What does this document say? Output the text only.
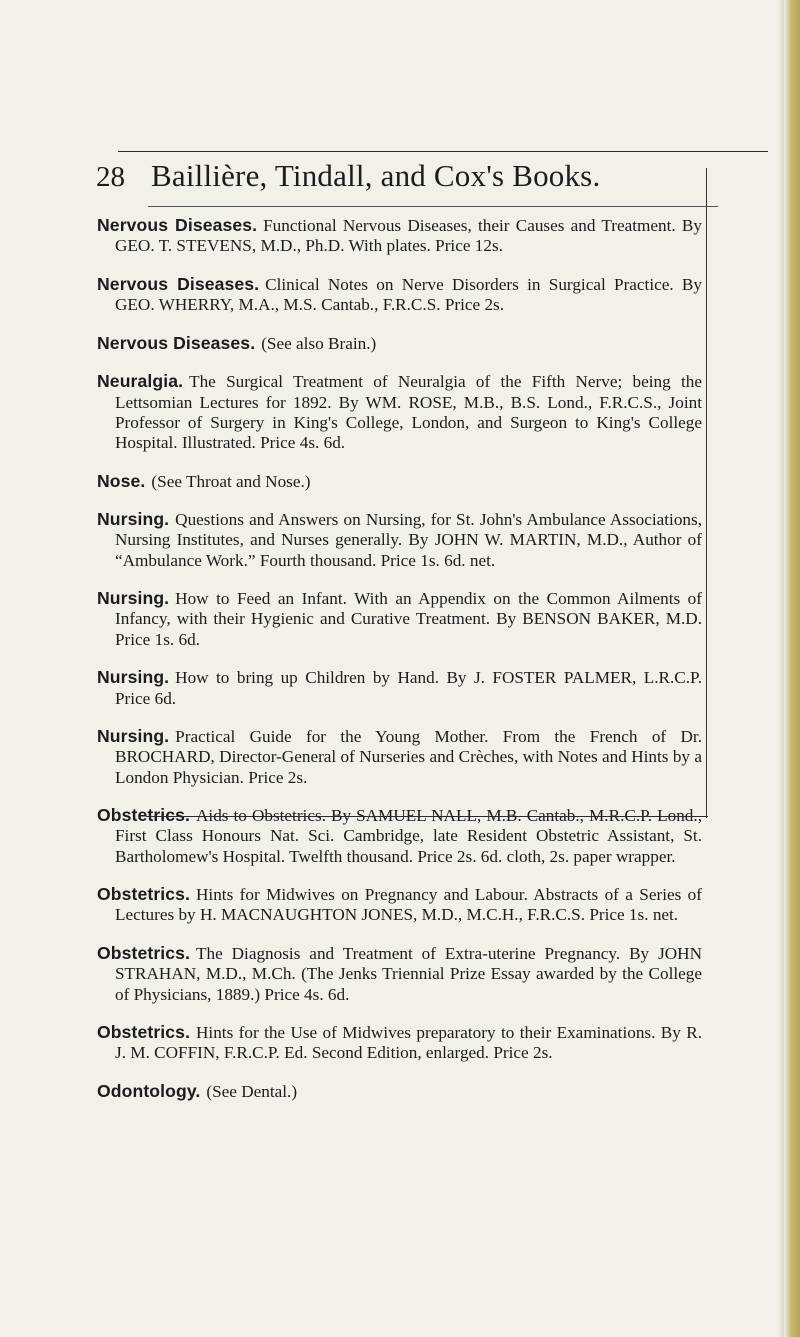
28 Baillière, Tindall, and Cox's Books.

Nervous Diseases. Functional Nervous Diseases, their Causes and Treatment. By GEO. T. STEVENS, M.D., Ph.D. With plates. Price 12s.

Nervous Diseases. Clinical Notes on Nerve Disorders in Surgical Practice. By GEO. WHERRY, M.A., M.S. Cantab., F.R.C.S. Price 2s.

Nervous Diseases. (See also Brain.)

Neuralgia. The Surgical Treatment of Neuralgia of the Fifth Nerve; being the Lettsomian Lectures for 1892. By WM. ROSE, M.B., B.S. Lond., F.R.C.S., Joint Professor of Surgery in King's College, London, and Surgeon to King's College Hospital. Illustrated. Price 4s. 6d.

Nose. (See Throat and Nose.)

Nursing. Questions and Answers on Nursing, for St. John's Ambulance Associations, Nursing Institutes, and Nurses generally. By JOHN W. MARTIN, M.D., Author of “Ambulance Work.” Fourth thousand. Price 1s. 6d. net.

Nursing. How to Feed an Infant. With an Appendix on the Common Ailments of Infancy, with their Hygienic and Curative Treatment. By BENSON BAKER, M.D. Price 1s. 6d.

Nursing. How to bring up Children by Hand. By J. FOSTER PALMER, L.R.C.P. Price 6d.

Nursing. Practical Guide for the Young Mother. From the French of Dr. BROCHARD, Director-General of Nurseries and Crèches, with Notes and Hints by a London Physician. Price 2s.

Obstetrics. Aids to Obstetrics. By SAMUEL NALL, M.B. Cantab., M.R.C.P. Lond., First Class Honours Nat. Sci. Cambridge, late Resident Obstetric Assistant, St. Bartholomew's Hospital. Twelfth thousand. Price 2s. 6d. cloth, 2s. paper wrapper.

Obstetrics. Hints for Midwives on Pregnancy and Labour. Abstracts of a Series of Lectures by H. MACNAUGHTON JONES, M.D., M.C.H., F.R.C.S. Price 1s. net.

Obstetrics. The Diagnosis and Treatment of Extra-uterine Pregnancy. By JOHN STRAHAN, M.D., M.Ch. (The Jenks Triennial Prize Essay awarded by the College of Physicians, 1889.) Price 4s. 6d.

Obstetrics. Hints for the Use of Midwives preparatory to their Examinations. By R. J. M. COFFIN, F.R.C.P. Ed. Second Edition, enlarged. Price 2s.

Odontology. (See Dental.)
